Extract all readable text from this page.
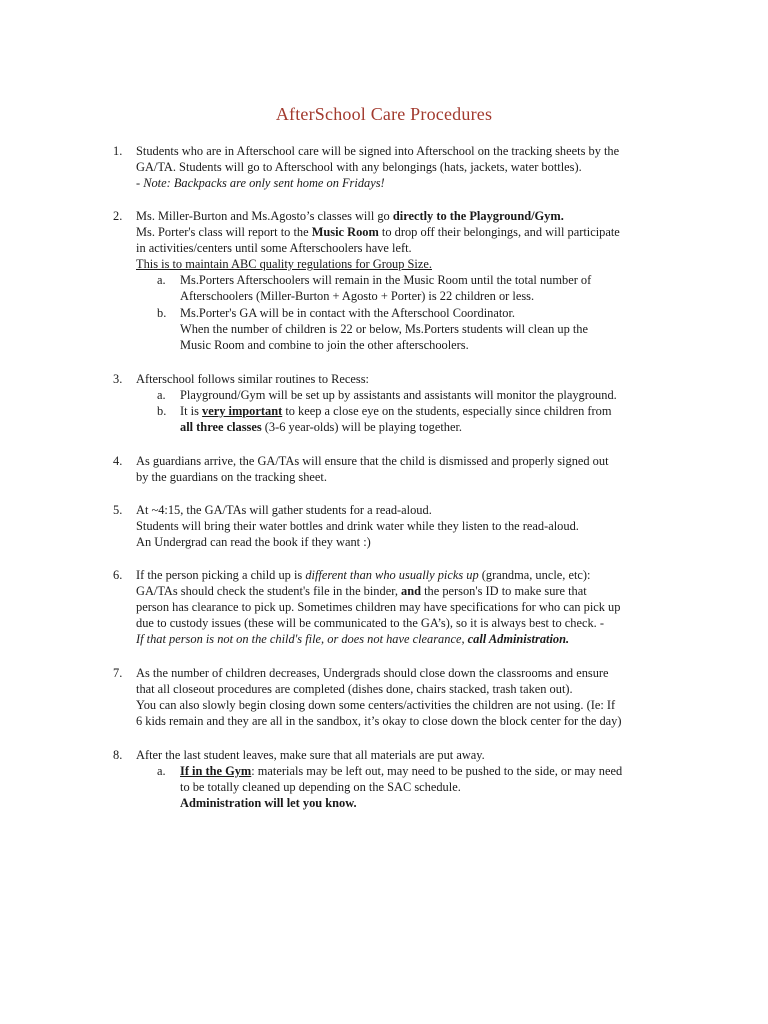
AfterSchool Care Procedures
1. Students who are in Afterschool care will be signed into Afterschool on the tracking sheets by the
GA/TA. Students will go to Afterschool with any belongings (hats, jackets, water bottles).
- Note: Backpacks are only sent home on Fridays!
2. Ms. Miller-Burton and Ms.Agosto’s classes will go directly to the Playground/Gym.
Ms. Porter's class will report to the Music Room to drop off their belongings, and will participate
in activities/centers until some Afterschoolers have left.
This is to maintain ABC quality regulations for Group Size.
a. Ms.Porters Afterschoolers will remain in the Music Room until the total number of
Afterschoolers (Miller-Burton + Agosto + Porter) is 22 children or less.
b. Ms.Porter's GA will be in contact with the Afterschool Coordinator.
When the number of children is 22 or below, Ms.Porters students will clean up the
Music Room and combine to join the other afterschoolers.
3. Afterschool follows similar routines to Recess:
a. Playground/Gym will be set up by assistants and assistants will monitor the playground.
b. It is very important to keep a close eye on the students, especially since children from
all three classes (3-6 year-olds) will be playing together.
4. As guardians arrive, the GA/TAs will ensure that the child is dismissed and properly signed out
by the guardians on the tracking sheet.
5. At ~4:15, the GA/TAs will gather students for a read-aloud.
Students will bring their water bottles and drink water while they listen to the read-aloud.
An Undergrad can read the book if they want :)
6. If the person picking a child up is different than who usually picks up (grandma, uncle, etc):
GA/TAs should check the student's file in the binder, and the person's ID to make sure that
person has clearance to pick up. Sometimes children may have specifications for who can pick up
due to custody issues (these will be communicated to the GA’s), so it is always best to check. -
If that person is not on the child's file, or does not have clearance, call Administration.
7. As the number of children decreases, Undergrads should close down the classrooms and ensure
that all closeout procedures are completed (dishes done, chairs stacked, trash taken out).
You can also slowly begin closing down some centers/activities the children are not using. (Ie: If
6 kids remain and they are all in the sandbox, it’s okay to close down the block center for the day)
8. After the last student leaves, make sure that all materials are put away.
a. If in the Gym: materials may be left out, may need to be pushed to the side, or may need
to be totally cleaned up depending on the SAC schedule.
Administration will let you know.
